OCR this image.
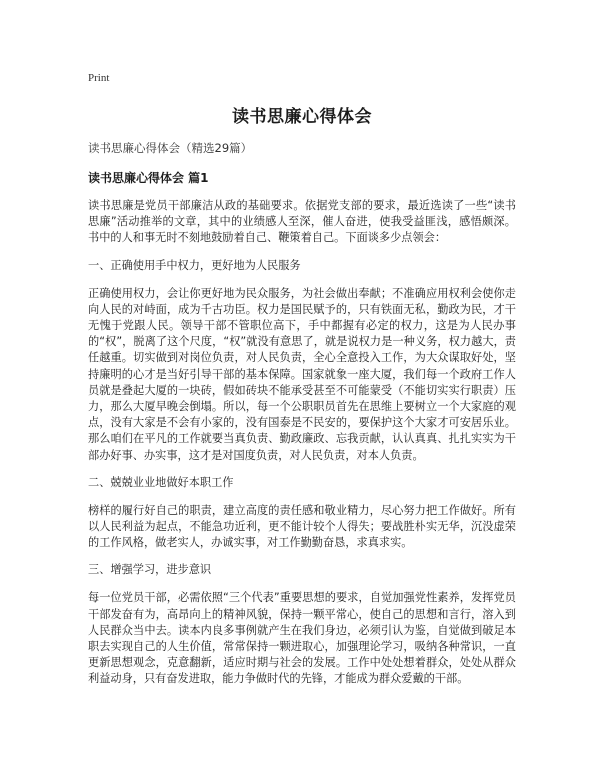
Print
读书思廉心得体会
读书思廉心得体会（精选29篇）
读书思廉心得体会 篇1

读书思廉是党员干部廉洁从政的基础要求。依据党支部的要求，最近选读了一些“读书思廉”活动推举的文章，其中的业绩感人至深，催人奋进，使我受益匪浅，感悟颇深。书中的人和事无时不刻地鼓励着自己、鞭策着自己。下面谈多少点领会：

一、正确使用手中权力，更好地为人民服务

正确使用权力，会让你更好地为民众服务，为社会做出奉献；不准确应用权利会使你走向人民的对峙面，成为千古功臣。权力是国民赋予的，只有铁面无私，勤政为民，才干无愧于党跟人民。领导干部不管职位高下，手中都握有必定的权力，这是为人民办事的“权”，脱离了这个尺度，“权”就没有意思了，就是说权力是一种义务，权力越大，责任越重。切实做到对岗位负责，对人民负责，全心全意投入工作，为大众谋取好处，坚持廉明的心才是当好引导干部的基本保障。国家就象一座大厦，我们每一个政府工作人员就是叠起大厦的一块砖，假如砖块不能承受甚至不可能蒙受（不能切实实行职责）压力，那么大厦早晚会倒塌。所以，每一个公职职员首先在思维上要树立一个大家庭的观点，没有大家是不会有小家的，没有国泰是不民安的，要保护这个大家才可安居乐业。那么咱们在平凡的工作就要当真负责、勤政廉政、忘我贡献，认认真真、扎扎实实为干部办好事、办实事，这才是对国度负责，对人民负责，对本人负责。

二、兢兢业业地做好本职工作

榜样的履行好自己的职责，建立高度的责任感和敬业精力，尽心努力把工作做好。所有以人民利益为起点，不能急功近利，更不能计较个人得失；要战胜朴实无华，沉没虚荣的工作风格，做老实人，办诚实事，对工作勤勤奋恳，求真求实。

三、增强学习，进步意识

每一位党员干部，必需依照“三个代表”重要思想的要求，自觉加强党性素养，发挥党员干部发奋有为，高昂向上的精神风貌，保持一颗平常心，使自己的思想和言行，溶入到人民群众当中去。读本内良多事例就产生在我们身边，必须引认为鉴，自觉做到破足本职去实现自己的人生价值，常常保持一颗进取心，加强理论学习，吸纳各种常识，一直更新思想观念，克意翻新，适应时期与社会的发展。工作中处处想着群众，处处从群众利益动身，只有奋发进取，能力争做时代的先锋，才能成为群众爱戴的干部。
